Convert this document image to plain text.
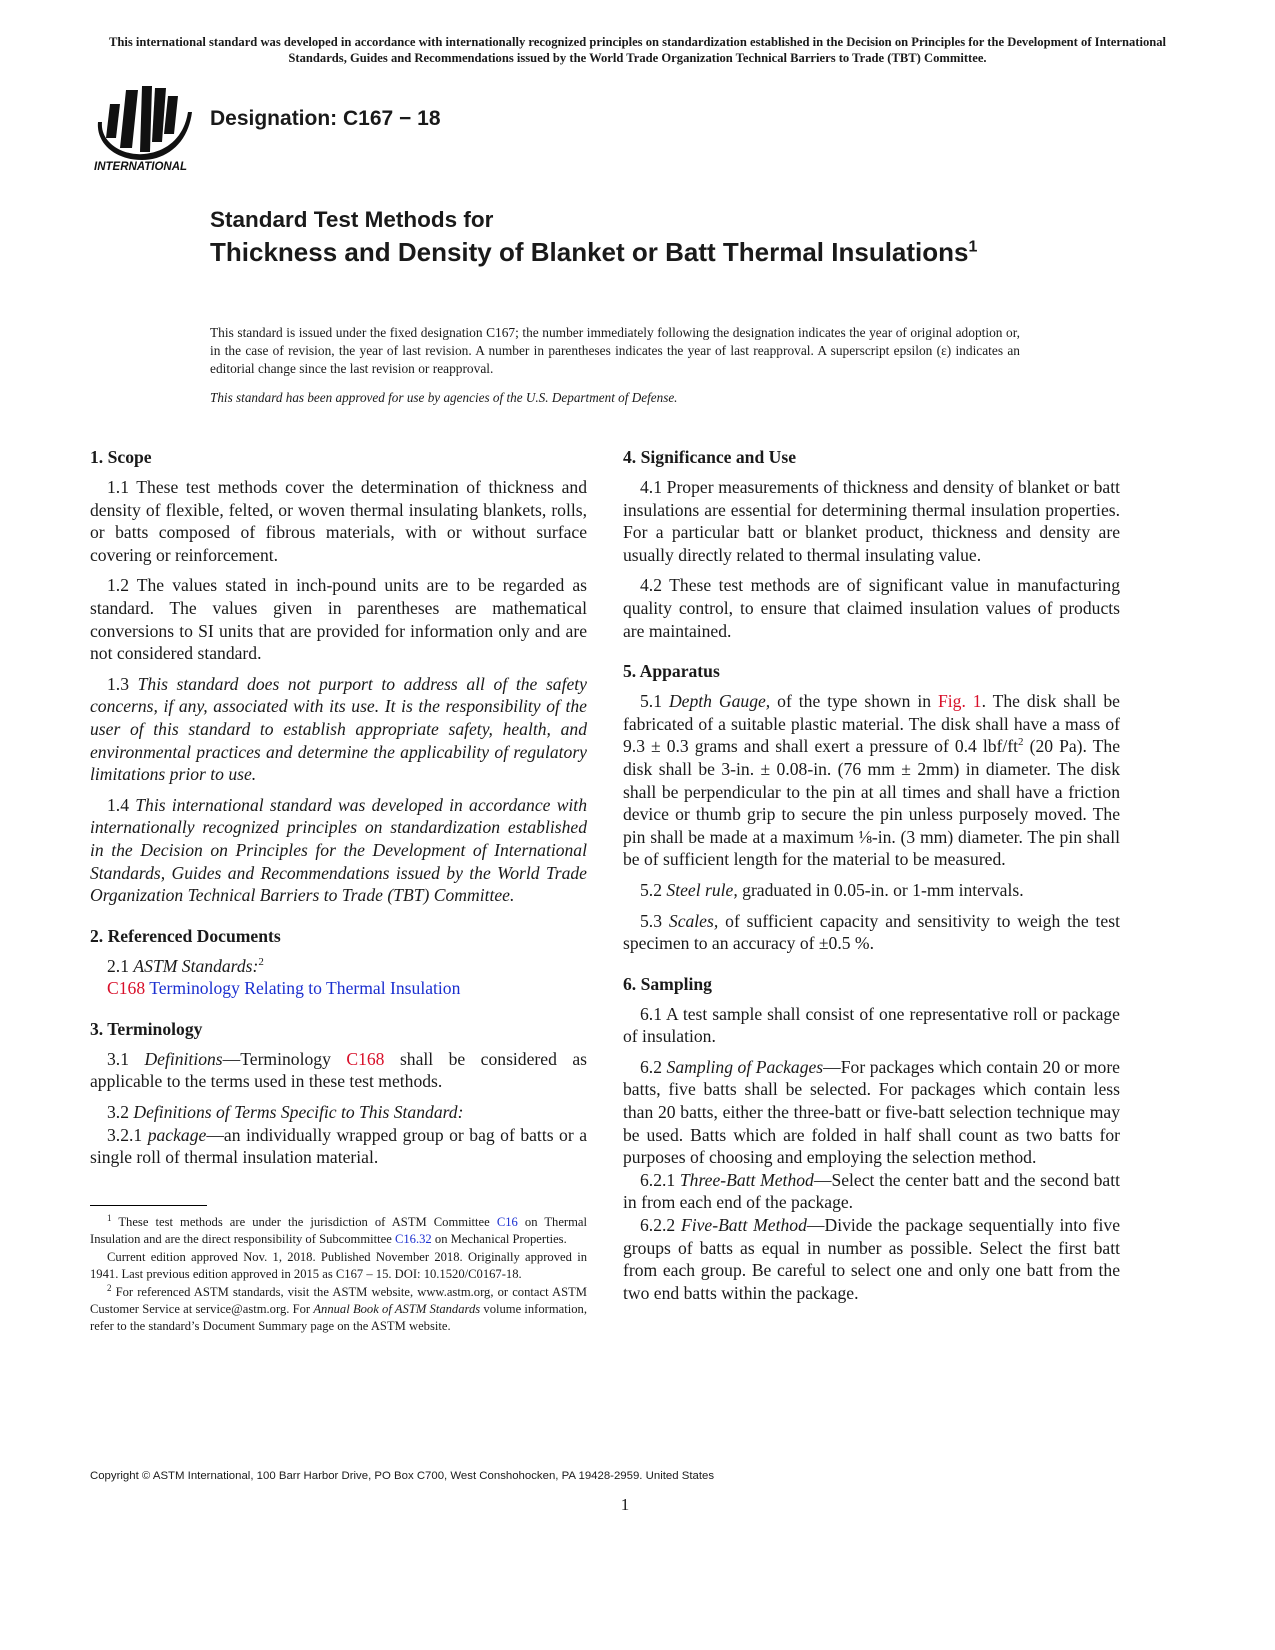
This international standard was developed in accordance with internationally recognized principles on standardization established in the Decision on Principles for the Development of International Standards, Guides and Recommendations issued by the World Trade Organization Technical Barriers to Trade (TBT) Committee.
INTERNATIONAL
Designation: C167 − 18
Standard Test Methods for
Thickness and Density of Blanket or Batt Thermal Insulations$^1$
This standard is issued under the fixed designation C167; the number immediately following the designation indicates the year of original adoption or, in the case of revision, the year of last revision. A number in parentheses indicates the year of last reapproval. A superscript epsilon (ε) indicates an editorial change since the last revision or reapproval.
This standard has been approved for use by agencies of the U.S. Department of Defense.
1. Scope

1.1 These test methods cover the determination of thickness and density of flexible, felted, or woven thermal insulating blankets, rolls, or batts composed of fibrous materials, with or without surface covering or reinforcement.

1.2 The values stated in inch-pound units are to be regarded as standard. The values given in parentheses are mathematical conversions to SI units that are provided for information only and are not considered standard.

1.3 This standard does not purport to address all of the safety concerns, if any, associated with its use. It is the responsibility of the user of this standard to establish appropriate safety, health, and environmental practices and determine the applicability of regulatory limitations prior to use.

1.4 This international standard was developed in accordance with internationally recognized principles on standardization established in the Decision on Principles for the Development of International Standards, Guides and Recommendations issued by the World Trade Organization Technical Barriers to Trade (TBT) Committee.

2. Referenced Documents

2.1 ASTM Standards:$^2$

C168 Terminology Relating to Thermal Insulation
3. Terminology

3.1 Definitions—Terminology C168 shall be considered as applicable to the terms used in these test methods.

3.2 Definitions of Terms Specific to This Standard:

3.2.1 package—an individually wrapped group or bag of batts or a single roll of thermal insulation material.

4. Significance and Use

4.1 Proper measurements of thickness and density of blanket or batt insulations are essential for determining thermal insulation properties. For a particular batt or blanket product, thickness and density are usually directly related to thermal insulating value.

4.2 These test methods are of significant value in manufacturing quality control, to ensure that claimed insulation values of products are maintained.

5. Apparatus

5.1 Depth Gauge, of the type shown in Fig. 1. The disk shall be fabricated of a suitable plastic material. The disk shall have a mass of 9.3 ± 0.3 grams and shall exert a pressure of 0.4 lbf/ft$^2$ (20 Pa). The disk shall be 3-in. ± 0.08-in. (76 mm ± 2mm) in diameter. The disk shall be perpendicular to the pin at all times and shall have a friction device or thumb grip to secure the pin unless purposely moved. The pin shall be made at a maximum ⅛-in. (3 mm) diameter. The pin shall be of sufficient length for the material to be measured.

5.2 Steel rule, graduated in 0.05-in. or 1-mm intervals.

5.3 Scales, of sufficient capacity and sensitivity to weigh the test specimen to an accuracy of ±0.5 %.

6. Sampling

6.1 A test sample shall consist of one representative roll or package of insulation.

6.2 Sampling of Packages—For packages which contain 20 or more batts, five batts shall be selected. For packages which contain less than 20 batts, either the three-batt or five-batt selection technique may be used. Batts which are folded in half shall count as two batts for purposes of choosing and employing the selection method.

6.2.1 Three-Batt Method—Select the center batt and the second batt in from each end of the package.

6.2.2 Five-Batt Method—Divide the package sequentially into five groups of batts as equal in number as possible. Select the first batt from each group. Be careful to select one and only one batt from the two end batts within the package.

$^1$ These test methods are under the jurisdiction of ASTM Committee C16 on Thermal Insulation and are the direct responsibility of Subcommittee C16.32 on Mechanical Properties.

Current edition approved Nov. 1, 2018. Published November 2018. Originally approved in 1941. Last previous edition approved in 2015 as C167 – 15. DOI: 10.1520/C0167-18.

$^2$ For referenced ASTM standards, visit the ASTM website, www.astm.org, or contact ASTM Customer Service at service@astm.org. For Annual Book of ASTM Standards volume information, refer to the standard’s Document Summary page on the ASTM website.

Copyright © ASTM International, 100 Barr Harbor Drive, PO Box C700, West Conshohocken, PA 19428-2959. United States
1
